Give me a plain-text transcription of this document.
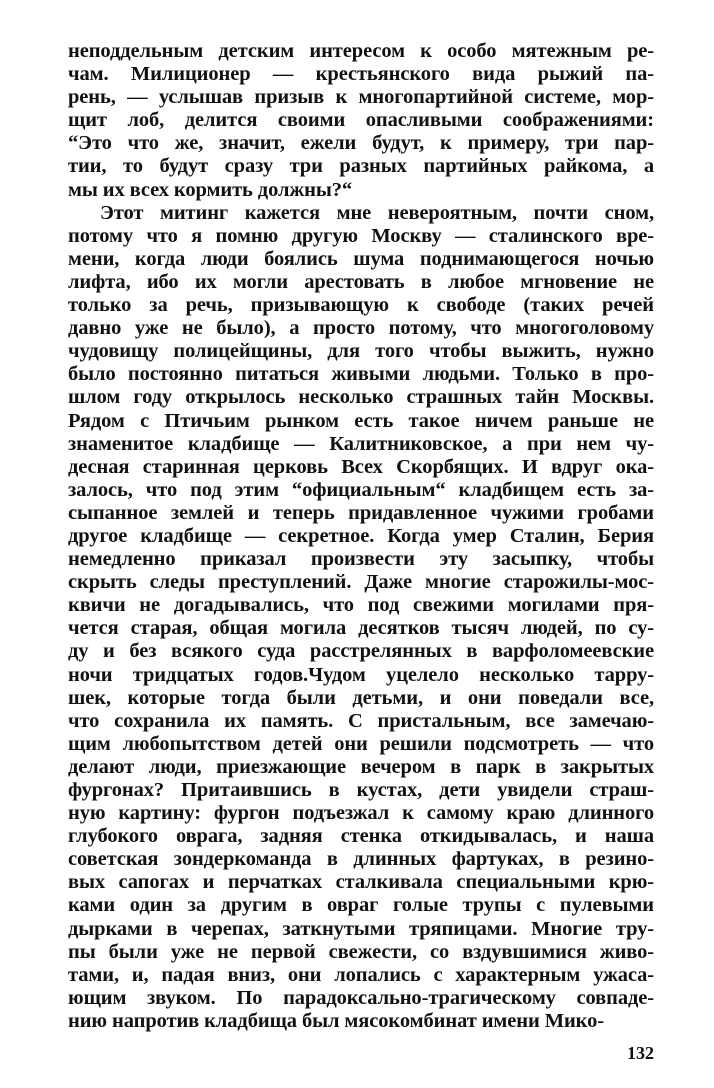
неподдельным детским интересом к особо мятежным ре-
чам. Милиционер — крестьянского вида рыжий па-
рень, — услышав призыв к многопартийной системе, мор-
щит лоб, делится своими опасливыми соображениями:
“Это что же, значит, ежели будут, к примеру, три пар-
тии, то будут сразу три разных партийных райкома, а
мы их всех кормить должны?“
Этот митинг кажется мне невероятным, почти сном,
потому что я помню другую Москву — сталинского вре-
мени, когда люди боялись шума поднимающегося ночью
лифта, ибо их могли арестовать в любое мгновение не
только за речь, призывающую к свободе (таких речей
давно уже не было), а просто потому, что многоголовому
чудовищу полицейщины, для того чтобы выжить, нужно
было постоянно питаться живыми людьми. Только в про-
шлом году открылось несколько страшных тайн Москвы.
Рядом с Птичьим рынком есть такое ничем раньше не
знаменитое кладбище — Калитниковское, а при нем чу-
десная старинная церковь Всех Скорбящих. И вдруг ока-
залось, что под этим “официальным“ кладбищем есть за-
сыпанное землей и теперь придавленное чужими гробами
другое кладбище — секретное. Когда умер Сталин, Берия
немедленно приказал произвести эту засыпку, чтобы
скрыть следы преступлений. Даже многие старожилы-мос-
квичи не догадывались, что под свежими могилами пря-
чется старая, общая могила десятков тысяч людей, по су-
ду и без всякого суда расстрелянных в варфоломеевские
ночи тридцатых годов.Чудом уцелело несколько тарру-
шек, которые тогда были детьми, и они поведали все,
что сохранила их память. С пристальным, все замечаю-
щим любопытством детей они решили подсмотреть — что
делают люди, приезжающие вечером в парк в закрытых
фургонах? Притаившись в кустах, дети увидели страш-
ную картину: фургон подъезжал к самому краю длинного
глубокого оврага, задняя стенка откидывалась, и наша
советская зондеркоманда в длинных фартуках, в резино-
вых сапогах и перчатках сталкивала специальными крю-
ками один за другим в овраг голые трупы с пулевыми
дырками в черепах, заткнутыми тряпицами. Многие тру-
пы были уже не первой свежести, со вздувшимися живо-
тами, и, падая вниз, они лопались с характерным ужаса-
ющим звуком. По парадоксально-трагическому совпаде-
нию напротив кладбища был мясокомбинат имени Мико-
132
